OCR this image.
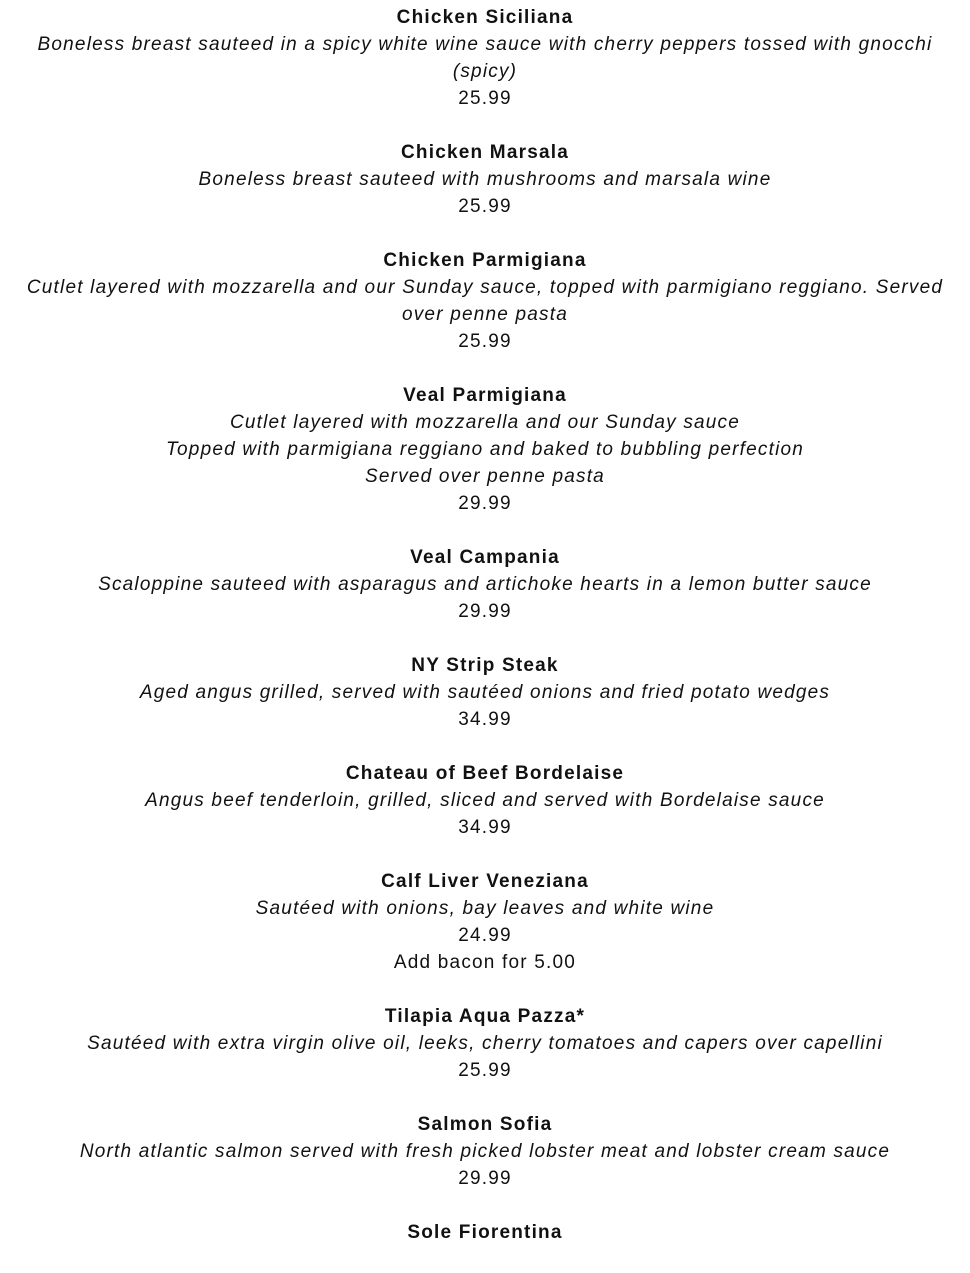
Chicken Siciliana
Boneless breast sauteed in a spicy white wine sauce with cherry peppers tossed with gnocchi (spicy)
25.99
Chicken Marsala
Boneless breast sauteed with mushrooms and marsala wine
25.99
Chicken Parmigiana
Cutlet layered with mozzarella and our Sunday sauce, topped with parmigiano reggiano. Served over penne pasta
25.99
Veal Parmigiana
Cutlet layered with mozzarella and our Sunday sauce
Topped with parmigiana reggiano and baked to bubbling perfection
Served over penne pasta
29.99
Veal Campania
Scaloppine sauteed with asparagus and artichoke hearts in a lemon butter sauce
29.99
NY Strip Steak
Aged angus grilled, served with sautéed onions and fried potato wedges
34.99
Chateau of Beef Bordelaise
Angus beef tenderloin, grilled, sliced and served with Bordelaise sauce
34.99
Calf Liver Veneziana
Sautéed with onions, bay leaves and white wine
24.99
Add bacon for 5.00
Tilapia Aqua Pazza*
Sautéed with extra virgin olive oil, leeks, cherry tomatoes and capers over capellini
25.99
Salmon Sofia
North atlantic salmon served with fresh picked lobster meat and lobster cream sauce
29.99
Sole Fiorentina
